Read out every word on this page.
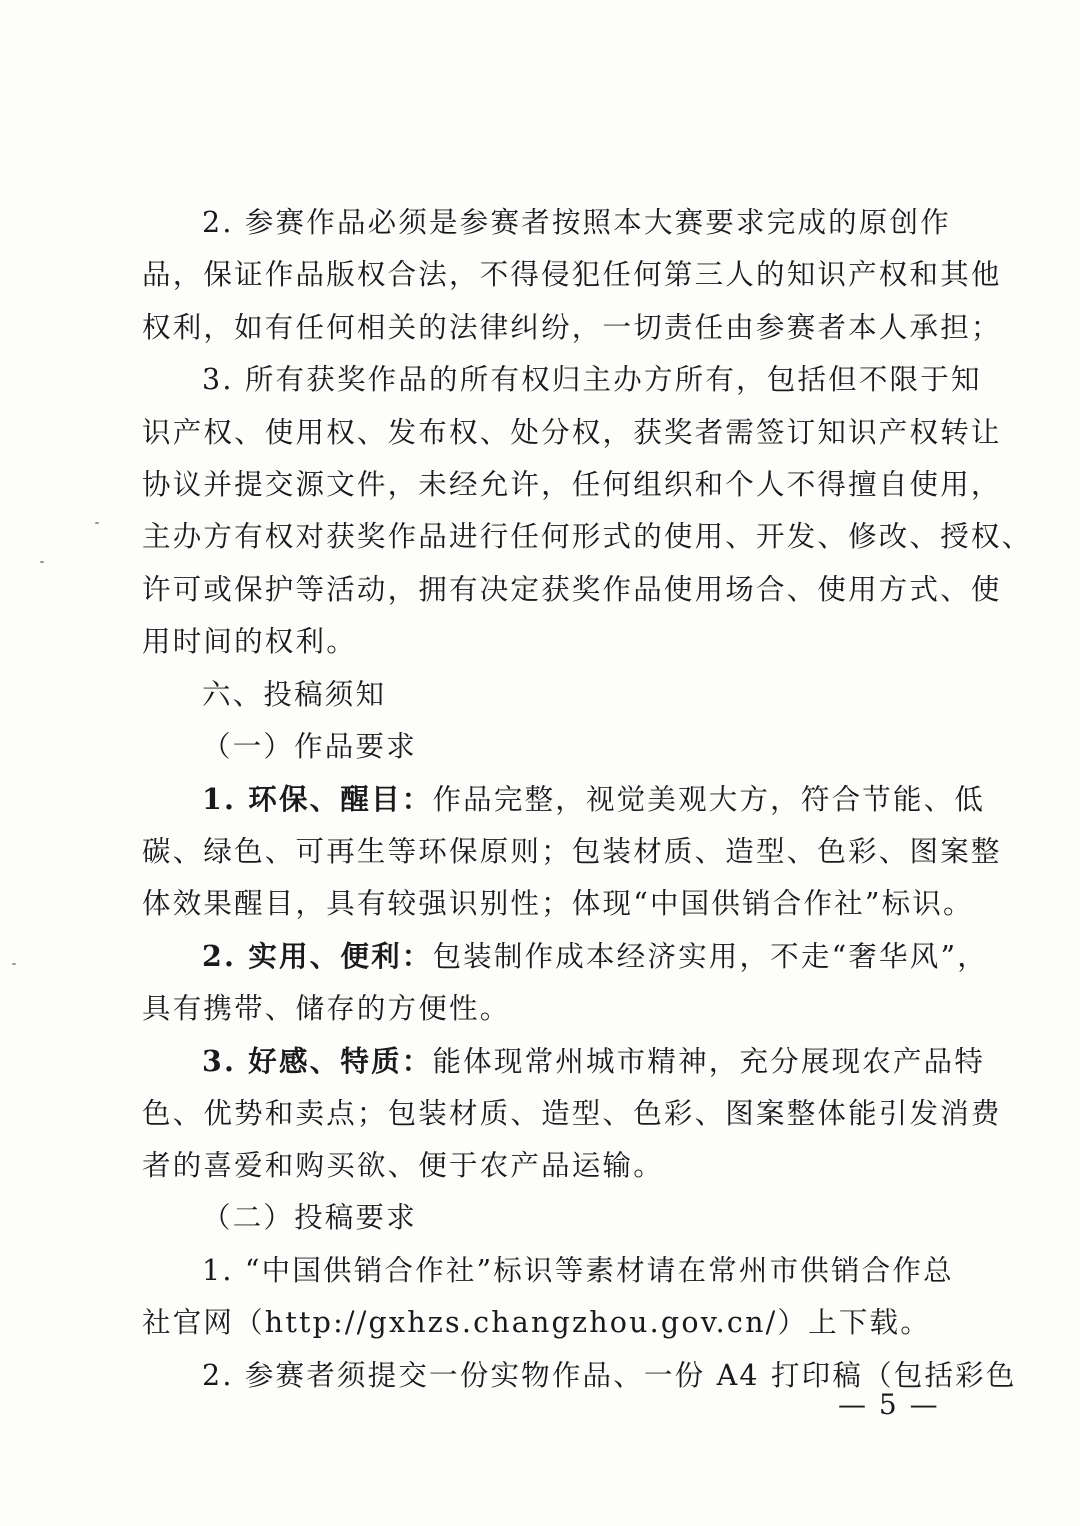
2. 参赛作品必须是参赛者按照本大赛要求完成的原创作
品，保证作品版权合法，不得侵犯任何第三人的知识产权和其他
权利，如有任何相关的法律纠纷，一切责任由参赛者本人承担；
3. 所有获奖作品的所有权归主办方所有，包括但不限于知
识产权、使用权、发布权、处分权，获奖者需签订知识产权转让
协议并提交源文件，未经允许，任何组织和个人不得擅自使用，
主办方有权对获奖作品进行任何形式的使用、开发、修改、授权、
许可或保护等活动，拥有决定获奖作品使用场合、使用方式、使
用时间的权利。
六、投稿须知
（一）作品要求
1. 环保、醒目：作品完整，视觉美观大方，符合节能、低
碳、绿色、可再生等环保原则；包装材质、造型、色彩、图案整
体效果醒目，具有较强识别性；体现“中国供销合作社”标识。
2. 实用、便利：包装制作成本经济实用，不走“奢华风”，
具有携带、储存的方便性。
3. 好感、特质：能体现常州城市精神，充分展现农产品特
色、优势和卖点；包装材质、造型、色彩、图案整体能引发消费
者的喜爱和购买欲、便于农产品运输。
（二）投稿要求
1. “中国供销合作社”标识等素材请在常州市供销合作总
社官网（http://gxhzs.changzhou.gov.cn/）上下载。
2. 参赛者须提交一份实物作品、一份 A4 打印稿（包括彩色
— 5 —
